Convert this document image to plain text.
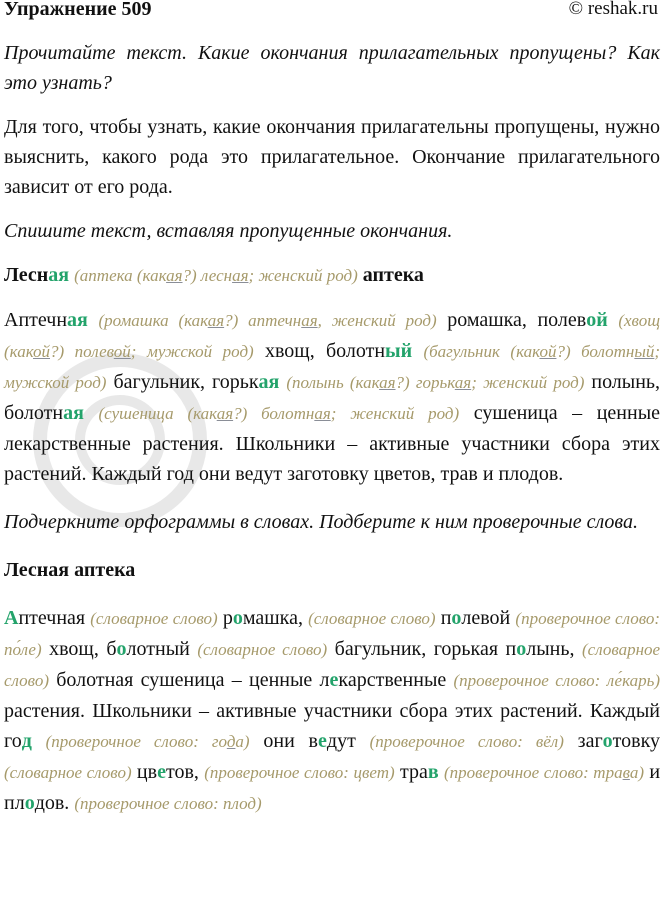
Упражнение 509	© reshak.ru

Прочитайте текст. Какие окончания прилагательных пропущены? Как это узнать?

Для того, чтобы узнать, какие окончания прилагательны пропущены, нужно выяснить, какого рода это прилагательное. Окончание прилагательного зависит от его рода.

Спишите текст, вставляя пропущенные окончания.

Лесная (аптека (какая?) лесная; женский род) аптека

Аптечная (ромашка (какая?) аптечная, женский род) ромашка, полевой (хвощ (какой?) полевой; мужской род) хвощ, болотный (багульник (какой?) болотный; мужской род) багульник, горькая (полынь (какая?) горькая; женский род) полынь, болотная (сушеница (какая?) болотная; женский род) сушеница – ценные лекарственные растения. Школьники – активные участники сбора этих растений. Каждый год они ведут заготовку цветов, трав и плодов.

Подчеркните орфограммы в словах. Подберите к ним проверочные слова.

Лесная аптека

Аптечная (словарное слово) ромашка, (словарное слово) полевой (проверочное слово: по́ле) хвощ, болотный (словарное слово) багульник, горькая полынь, (словарное слово) болотная сушеница – ценные лекарственные (проверочное слово: ле́карь) растения. Школьники – активные участники сбора этих растений. Каждый год (проверочное слово: года) они ведут (проверочное слово: вёл) заготовку (словарное слово) цветов, (проверочное слово: цвет) трав (проверочное слово: трава) и плодов. (проверочное слово: плод)
